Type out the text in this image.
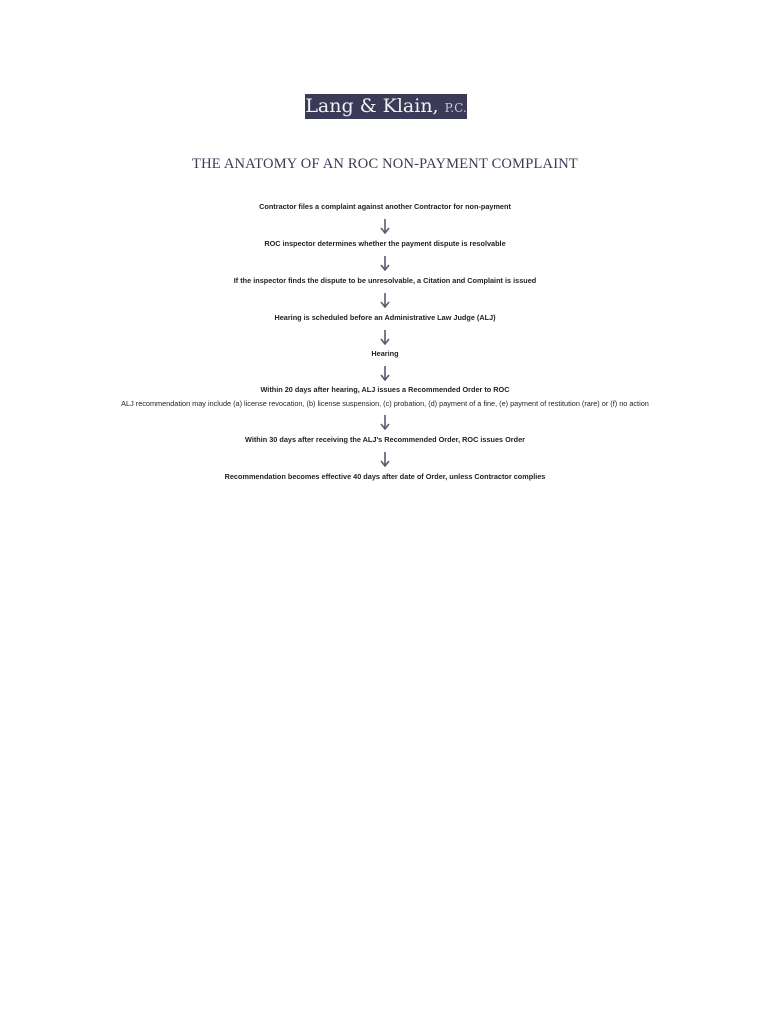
Lang & Klain, P.C.
THE ANATOMY OF AN ROC NON-PAYMENT COMPLAINT
Contractor files a complaint against another Contractor for non-payment
ROC inspector determines whether the payment dispute is resolvable
If the inspector finds the dispute to be unresolvable, a Citation and Complaint is issued
Hearing is scheduled before an Administrative Law Judge (ALJ)
Hearing
Within 20 days after hearing, ALJ issues a Recommended Order to ROC
ALJ recommendation may include (a) license revocation, (b) license suspension, (c) probation, (d) payment of a fine, (e) payment of restitution (rare) or (f) no action
Within 30 days after receiving the ALJ's Recommended Order, ROC issues Order
Recommendation becomes effective 40 days after date of Order, unless Contractor complies
